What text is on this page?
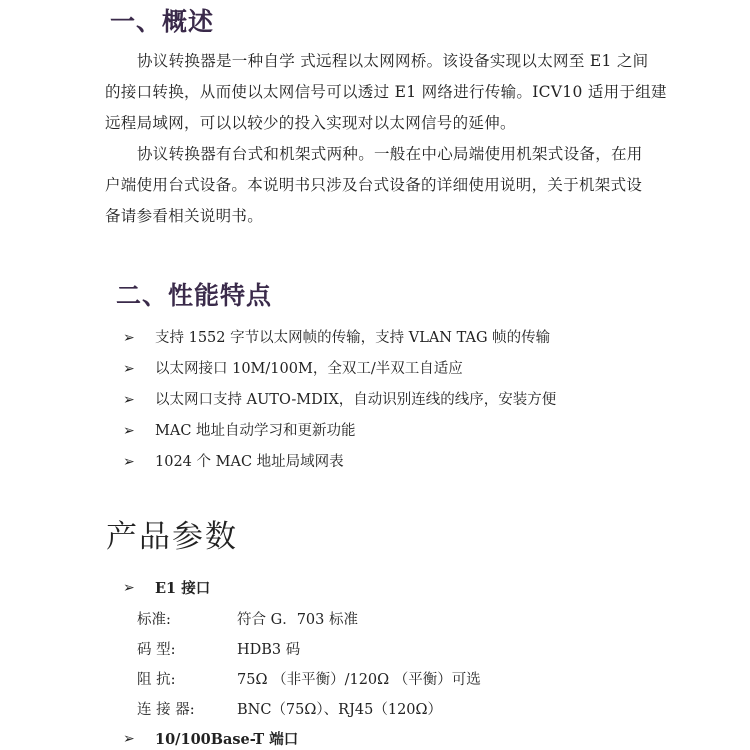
一、概述
协议转换器是一种自学 式远程以太网网桥。该设备实现以太网至 E1 之间
的接口转换，从而使以太网信号可以透过 E1 网络进行传输。ICV10 适用于组建
远程局域网，可以以较少的投入实现对以太网信号的延伸。
协议转换器有台式和机架式两种。一般在中心局端使用机架式设备，在用
户端使用台式设备。本说明书只涉及台式设备的详细使用说明，关于机架式设
备请参看相关说明书。
二、性能特点
➢	支持 1552 字节以太网帧的传输，支持 VLAN TAG 帧的传输
➢	以太网接口 10M/100M，全双工/半双工自适应
➢	以太网口支持 AUTO-MDIX，自动识别连线的线序，安装方便
➢	MAC 地址自动学习和更新功能
➢	1024 个 MAC 地址局域网表
产品参数
➢	E1 接口
标准:	符合 G．703 标准
码 型:	HDB3 码
阻 抗:	75Ω （非平衡）/120Ω （平衡）可选
连 接 器:	BNC（75Ω）、RJ45（120Ω）
➢	10/100Base-T 端口
